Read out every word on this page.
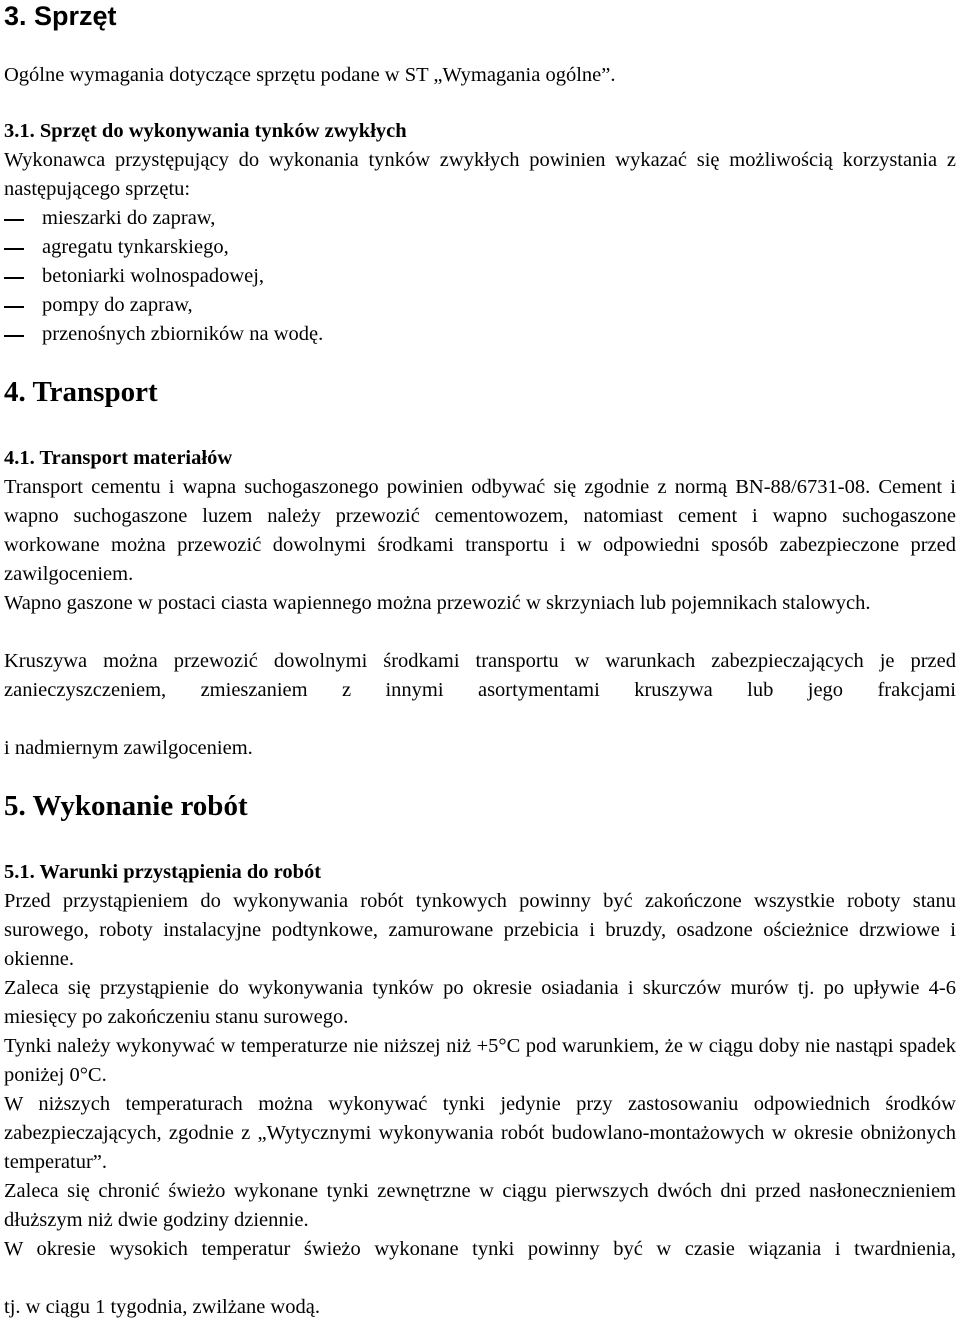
3. Sprzęt

Ogólne wymagania dotyczące sprzętu podane w ST „Wymagania ogólne”.

3.1. Sprzęt do wykonywania tynków zwykłych

Wykonawca przystępujący do wykonania tynków zwykłych powinien wykazać się możliwością korzystania z następującego sprzętu:

mieszarki do zapraw,
agregatu tynkarskiego,
betoniarki wolnospadowej,
pompy do zapraw,
przenośnych zbiorników na wodę.
4. Transport

4.1. Transport materiałów

Transport cementu i wapna suchogaszonego powinien odbywać się zgodnie z normą BN-88/6731-08. Cement i wapno suchogaszone luzem należy przewozić cementowozem, natomiast cement i wapno suchogaszone workowane można przewozić dowolnymi środkami transportu i w odpowiedni sposób zabezpieczone przed zawilgoceniem.

Wapno gaszone w postaci ciasta wapiennego można przewozić w skrzyniach lub pojemnikach stalowych.

Kruszywa można przewozić dowolnymi środkami transportu w warunkach zabezpieczających je przed zanieczyszczeniem, zmieszaniem z innymi asortymentami kruszywa lub jego frakcjami

i nadmiernym zawilgoceniem.

5. Wykonanie robót

5.1. Warunki przystąpienia do robót

Przed przystąpieniem do wykonywania robót tynkowych powinny być zakończone wszystkie roboty stanu surowego, roboty instalacyjne podtynkowe, zamurowane przebicia i bruzdy, osadzone ościeżnice drzwiowe i okienne.

Zaleca się przystąpienie do wykonywania tynków po okresie osiadania i skurczów murów tj. po upływie 4-6 miesięcy po zakończeniu stanu surowego.

Tynki należy wykonywać w temperaturze nie niższej niż +5°C pod warunkiem, że w ciągu doby nie nastąpi spadek poniżej 0°C.

W niższych temperaturach można wykonywać tynki jedynie przy zastosowaniu odpowiednich środków zabezpieczających, zgodnie z „Wytycznymi wykonywania robót budowlano-montażowych w okresie obniżonych temperatur”.

Zaleca się chronić świeżo wykonane tynki zewnętrzne w ciągu pierwszych dwóch dni przed nasłonecznieniem dłuższym niż dwie godziny dziennie.

W okresie wysokich temperatur świeżo wykonane tynki powinny być w czasie wiązania i twardnienia,

tj. w ciągu 1 tygodnia, zwilżane wodą.
